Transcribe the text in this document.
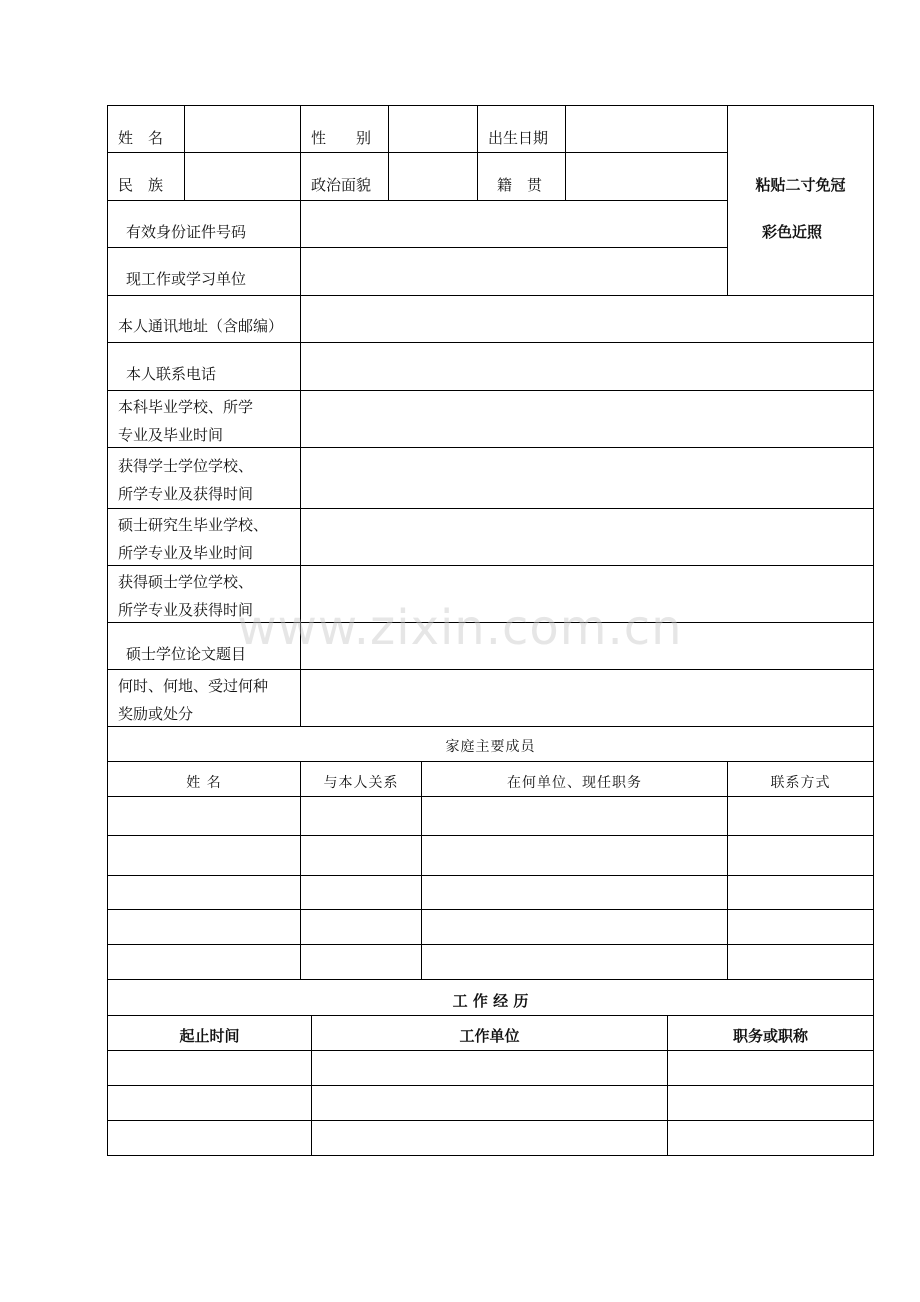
姓　名	性　　别	出生日期
民　族	政治面貌	籍　贯	粘贴二寸免冠
彩色近照
有效身份证件号码
现工作或学习单位
本人通讯地址（含邮编）
本人联系电话
本科毕业学校、所学
专业及毕业时间
获得学士学位学校、
所学专业及获得时间
硕士研究生毕业学校、
所学专业及毕业时间
获得硕士学位学校、
所学专业及获得时间
硕士学位论文题目
何时、何地、受过何种
奖励或处分
家庭主要成员
姓 名	与本人关系	在何单位、现任职务	联系方式
工 作 经 历
起止时间	工作单位	职务或职称
www.zixin.com.cn
